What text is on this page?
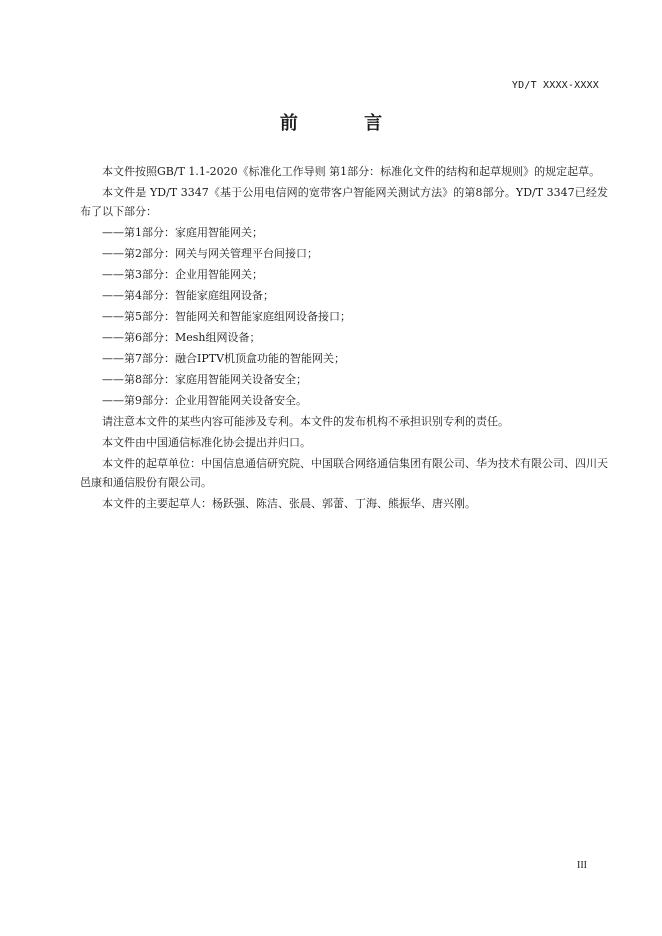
YD/T XXXX-XXXX
前 言

本文件按照GB/T 1.1-2020《标准化工作导则 第1部分：标准化文件的结构和起草规则》的规定起草。

本文件是 YD/T 3347《基于公用电信网的宽带客户智能网关测试方法》的第8部分。YD/T 3347已经发布了以下部分：

——第1部分：家庭用智能网关；
——第2部分：网关与网关管理平台间接口；
——第3部分：企业用智能网关；
——第4部分：智能家庭组网设备；
——第5部分：智能网关和智能家庭组网设备接口；
——第6部分：Mesh组网设备；
——第7部分：融合IPTV机顶盒功能的智能网关；
——第8部分：家庭用智能网关设备安全；
——第9部分：企业用智能网关设备安全。

请注意本文件的某些内容可能涉及专利。本文件的发布机构不承担识别专利的责任。

本文件由中国通信标准化协会提出并归口。

本文件的起草单位：中国信息通信研究院、中国联合网络通信集团有限公司、华为技术有限公司、四川天邑康和通信股份有限公司。

本文件的主要起草人：杨跃强、陈洁、张晨、郭蕾、丁海、熊振华、唐兴刚。

III
